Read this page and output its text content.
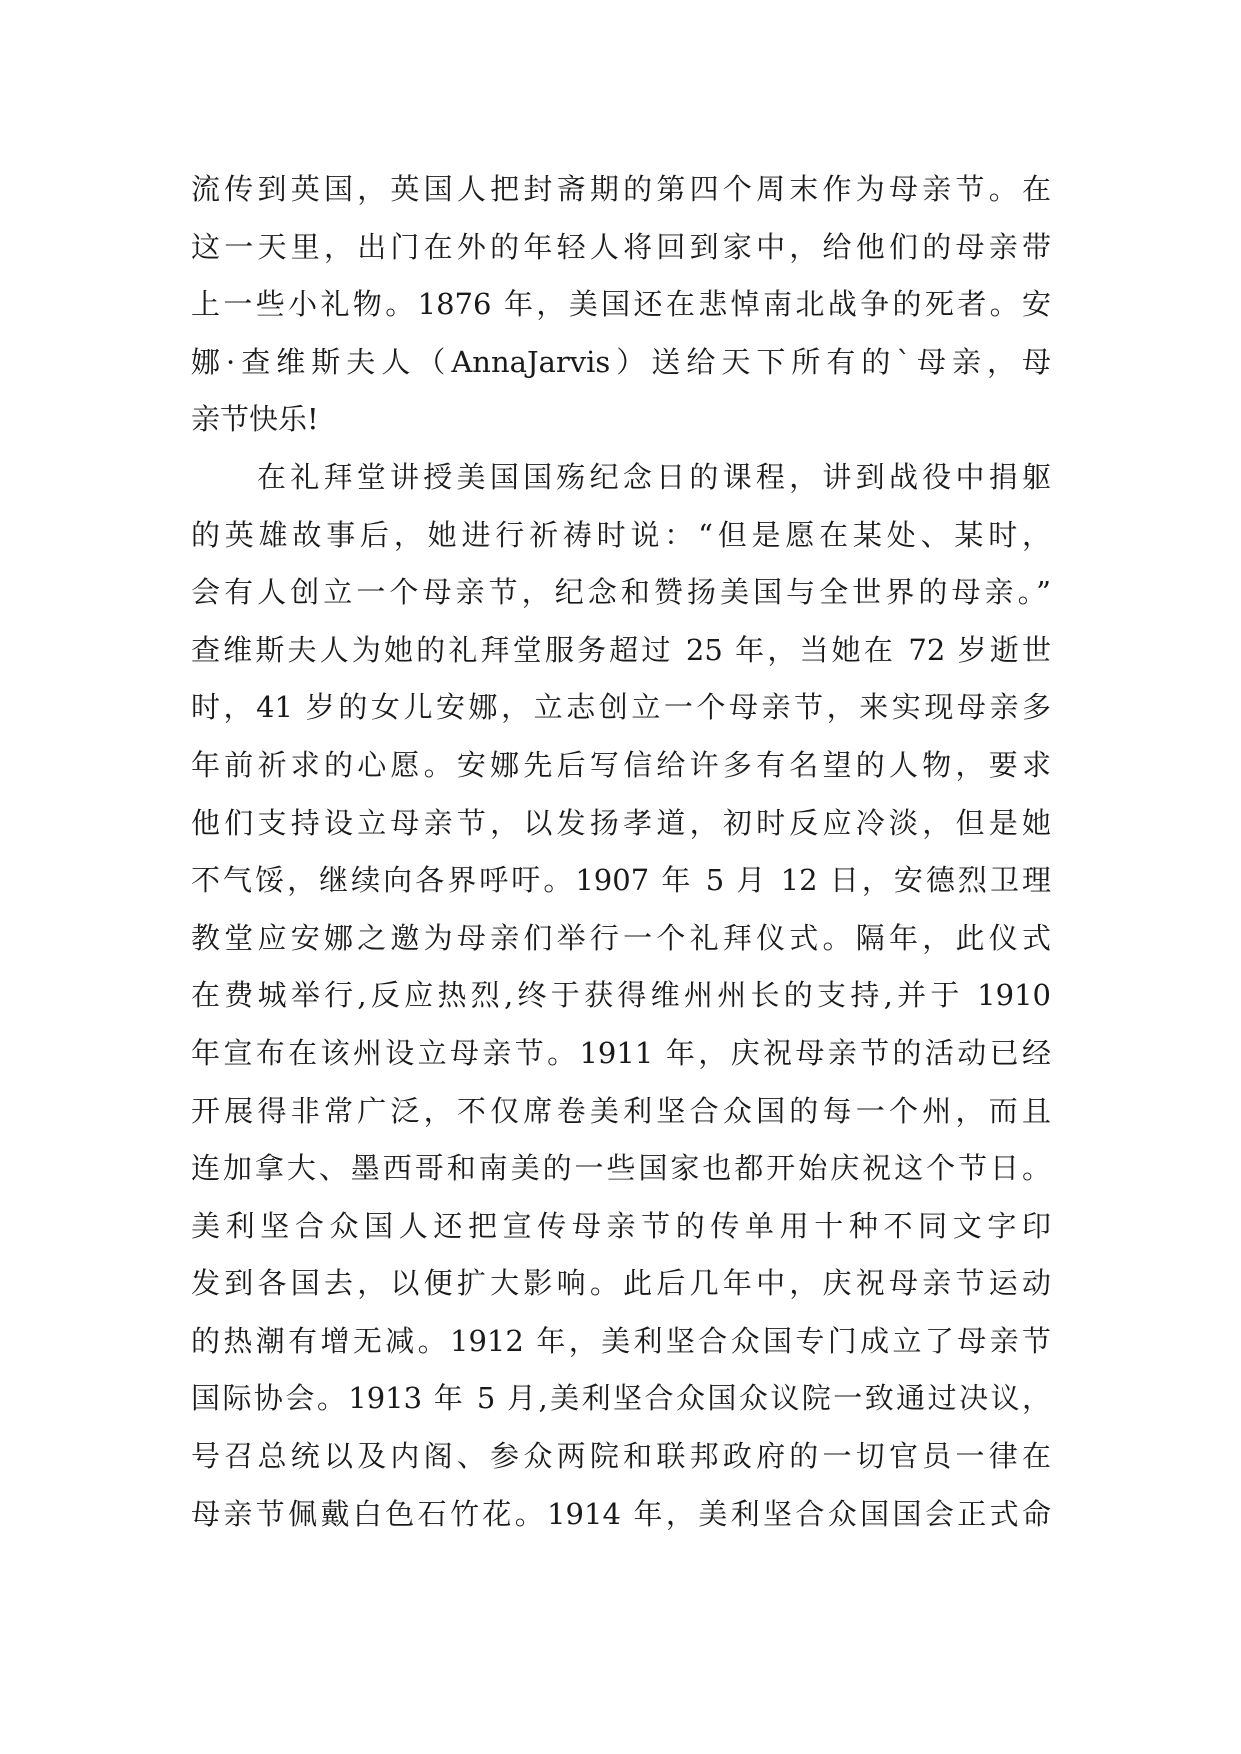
流传到英国，英国人把封斋期的第四个周末作为母亲节。在
这一天里，出门在外的年轻人将回到家中，给他们的母亲带
上一些小礼物。1876 年，美国还在悲悼南北战争的死者。安
娜·查维斯夫人（AnnaJarvis）送给天下所有的`母亲，母
亲节快乐!
在礼拜堂讲授美国国殇纪念日的课程，讲到战役中捐躯
的英雄故事后，她进行祈祷时说：“但是愿在某处、某时，
会有人创立一个母亲节，纪念和赞扬美国与全世界的母亲。”
查维斯夫人为她的礼拜堂服务超过 25 年，当她在 72 岁逝世
时，41 岁的女儿安娜，立志创立一个母亲节，来实现母亲多
年前祈求的心愿。安娜先后写信给许多有名望的人物，要求
他们支持设立母亲节，以发扬孝道，初时反应冷淡，但是她
不气馁，继续向各界呼吁。1907 年 5 月 12 日，安德烈卫理
教堂应安娜之邀为母亲们举行一个礼拜仪式。隔年，此仪式
在费城举行,反应热烈,终于获得维州州长的支持,并于 1910
年宣布在该州设立母亲节。1911 年，庆祝母亲节的活动已经
开展得非常广泛，不仅席卷美利坚合众国的每一个州，而且
连加拿大、墨西哥和南美的一些国家也都开始庆祝这个节日。
美利坚合众国人还把宣传母亲节的传单用十种不同文字印
发到各国去，以便扩大影响。此后几年中，庆祝母亲节运动
的热潮有增无减。1912 年，美利坚合众国专门成立了母亲节
国际协会。1913 年 5 月,美利坚合众国众议院一致通过决议，
号召总统以及内阁、参众两院和联邦政府的一切官员一律在
母亲节佩戴白色石竹花。1914 年，美利坚合众国国会正式命
